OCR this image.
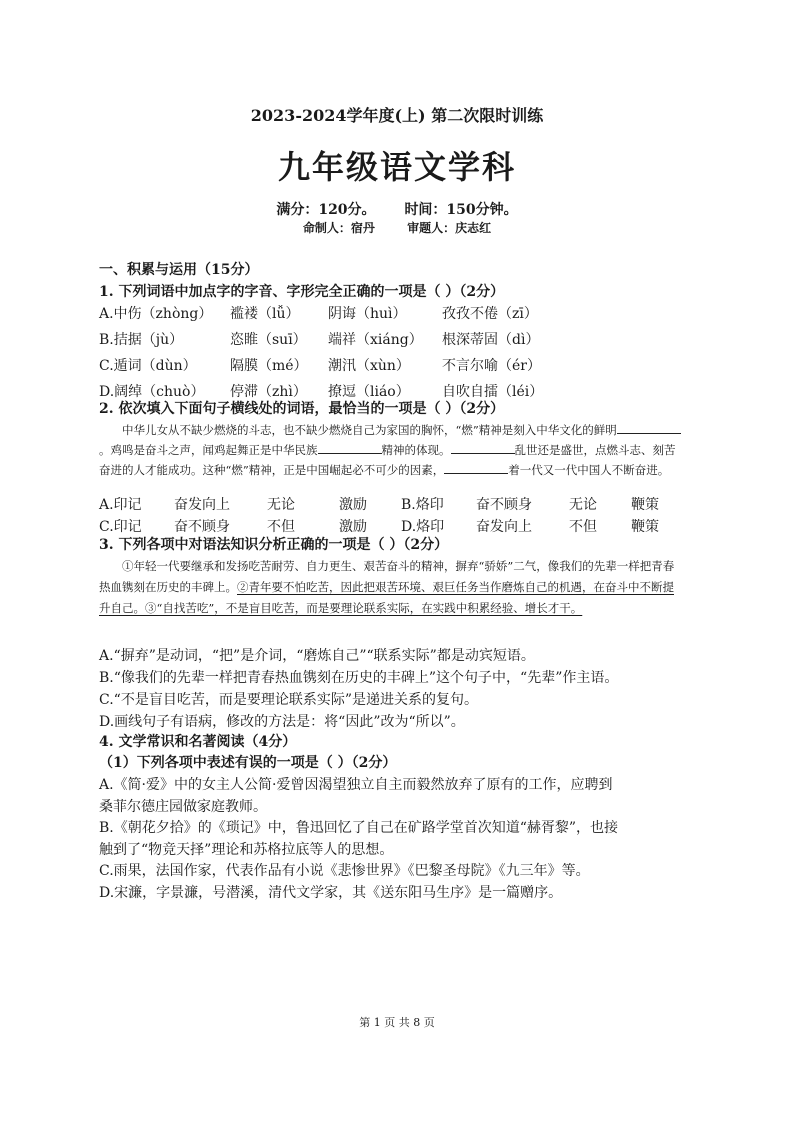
2023-2024学年度(上) 第二次限时训练
九年级语文学科
满分：120分。 时间：150分钟。
命制人：宿丹	审题人：庆志红
一、积累与运用（15分）
1. 下列词语中加点字的字音、字形完全正确的一项是（ ）（2分）
A.中伤（zhòng）	褴褛（lǚ）	阴诲（huì）	孜孜不倦（zī）
B.拮据（jù）	恣睢（suī）	端祥（xiáng）	根深蒂固（dì）
C.遁词（dùn）	隔膜（mé）	潮汛（xùn）	不言尔喻（ér）
D.阔绰（chuò）	停滞（zhì）	撩逗（liáo）	自吹自擂（léi）
2. 依次填入下面句子横线处的词语，最恰当的一项是（ ）（2分）
中华儿女从不缺少燃烧的斗志，也不缺少燃烧自己为家国的胸怀，“燃”精神是刻入中华文化的鲜明。鸡鸣是奋斗之声，闻鸡起舞正是中华民族	精神的体现。	乱世还是盛世，点燃斗志、刻苦奋进的人才能成功。这种“燃”精神，正是中国崛起必不可少的因素，	着一代又一代中国人不断奋进。
A.印记	奋发向上	无论	激励	B.烙印	奋不顾身	无论	鞭策
C.印记	奋不顾身	不但	激励	D.烙印	奋发向上	不但	鞭策
3. 下列各项中对语法知识分析正确的一项是（ ）（2分）
①年轻一代要继承和发扬吃苦耐劳、自力更生、艰苦奋斗的精神，摒弃“骄娇”二气，像我们的先辈一样把青春热血镌刻在历史的丰碑上。②青年要不怕吃苦，因此把艰苦环境、艰巨任务当作磨炼自己的机遇，在奋斗中不断提升自己。③“自找苦吃”，不是盲目吃苦，而是要理论联系实际，在实践中积累经验、增长才干。
A.“摒弃”是动词，“把”是介词，“磨炼自己”“联系实际”都是动宾短语。
B.“像我们的先辈一样把青春热血镌刻在历史的丰碑上”这个句子中，“先辈”作主语。
C.“不是盲目吃苦，而是要理论联系实际”是递进关系的复句。
D.画线句子有语病，修改的方法是：将“因此”改为“所以”。
4. 文学常识和名著阅读（4分）
（1）下列各项中表述有误的一项是（ ）（2分）
A.《简·爱》中的女主人公简·爱曾因渴望独立自主而毅然放弃了原有的工作，应聘到
桑菲尔德庄园做家庭教师。
B.《朝花夕拾》的《琐记》中，鲁迅回忆了自己在矿路学堂首次知道“赫胥黎”，也接
触到了“物竞天择”理论和苏格拉底等人的思想。
C.雨果，法国作家，代表作品有小说《悲惨世界》《巴黎圣母院》《九三年》等。
D.宋濂，字景濂，号潜溪，清代文学家，其《送东阳马生序》是一篇赠序。
第 1 页 共 8 页
